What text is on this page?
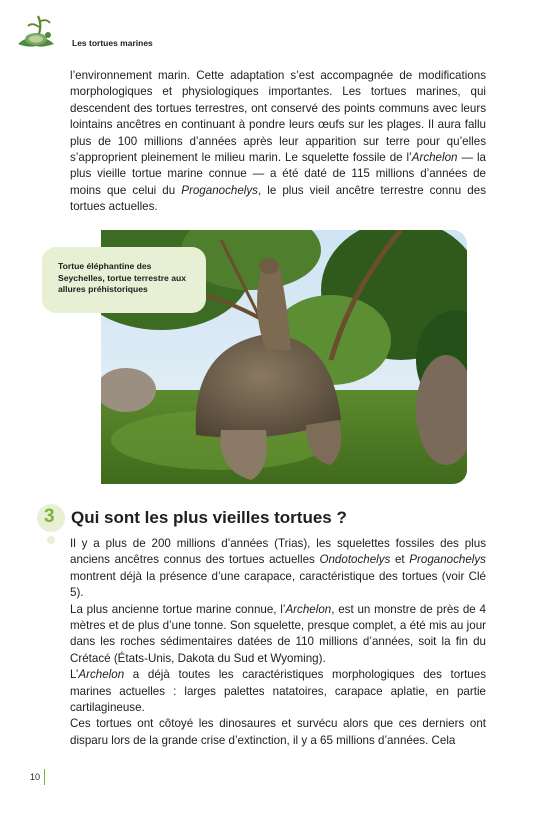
Les tortues marines

l’environnement marin. Cette adaptation s’est accompagnée de modifications morphologiques et physiologiques importantes. Les tortues marines, qui descendent des tortues terrestres, ont conservé des points communs avec leurs lointains ancêtres en continuant à pondre leurs œufs sur les plages. Il aura fallu plus de 100 millions d’années après leur apparition sur terre pour qu’elles s’approprient pleinement le milieu marin. Le squelette fossile de l’Archelon — la plus vieille tortue marine connue — a été daté de 115 millions d’années de moins que celui du Proganochelys, le plus vieil ancêtre terrestre connu des tortues actuelles.

Tortue éléphantine des Seychelles, tortue terrestre aux allures préhistoriques
3 Qui sont les plus vieilles tortues ?
Il y a plus de 200 millions d’années (Trias), les squelettes fossiles des plus anciens ancêtres connus des tortues actuelles Ondotochelys et Proganochelys montrent déjà la présence d’une carapace, caractéristique des tortues (voir Clé 5).
La plus ancienne tortue marine connue, l’Archelon, est un monstre de près de 4 mètres et de plus d’une tonne. Son squelette, presque complet, a été mis au jour dans les roches sédimentaires datées de 110 millions d’années, soit la fin du Crétacé (États-Unis, Dakota du Sud et Wyoming).
L’Archelon a déjà toutes les caractéristiques morphologiques des tortues marines actuelles : larges palettes natatoires, carapace aplatie, en partie cartilagineuse.
Ces tortues ont côtoyé les dinosaures et survécu alors que ces derniers ont disparu lors de la grande crise d’extinction, il y a 65 millions d’années. Cela
10
